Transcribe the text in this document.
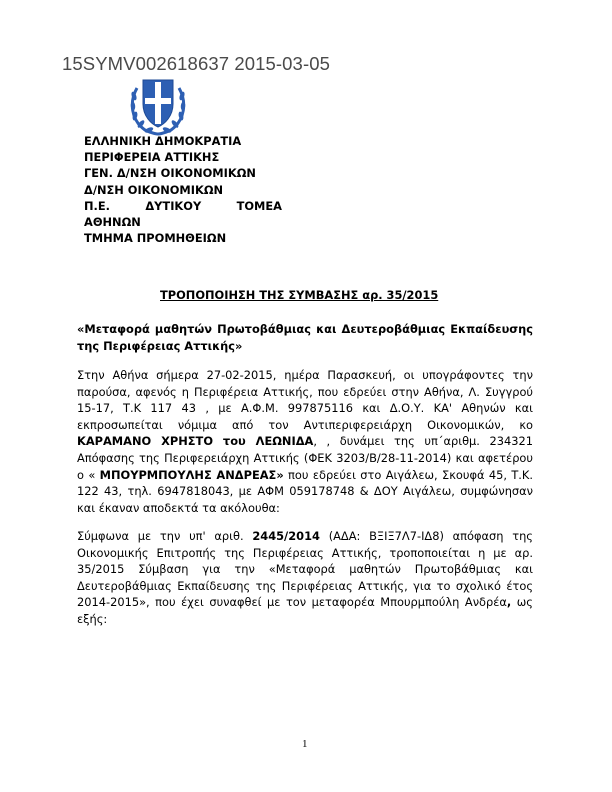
15SYMV002618637 2015-03-05
ΕΛΛΗΝΙΚΗ ΔΗΜΟΚΡΑΤΙΑ
ΠΕΡΙΦΕΡΕΙΑ ΑΤΤΙΚΗΣ
ΓΕΝ. Δ/ΝΣΗ ΟΙΚΟΝΟΜΙΚΩΝ
Δ/ΝΣΗ ΟΙΚΟΝΟΜΙΚΩΝ
Π.Ε.	ΔΥΤΙΚΟΥ	ΤΟΜΕΑ
ΑΘΗΝΩΝ
ΤΜΗΜΑ ΠΡΟΜΗΘΕΙΩΝ
ΤΡΟΠΟΠΟΙΗΣΗ ΤΗΣ ΣΥΜΒΑΣΗΣ αρ. 35/2015
«Μεταφορά μαθητών Πρωτοβάθμιας και Δευτεροβάθμιας Εκπαίδευσης της Περιφέρειας Αττικής»
Στην Αθήνα σήμερα 27-02-2015, ημέρα Παρασκευή, οι υπογράφοντες την παρούσα, αφενός η Περιφέρεια Αττικής, που εδρεύει στην Αθήνα, Λ. Συγγρού 15-17, Τ.Κ 117 43 , με Α.Φ.Μ. 997875116 και Δ.Ο.Υ. ΚΑ' Αθηνών και εκπροσωπείται νόμιμα από τον Αντιπεριφερειάρχη Οικονομικών, κο ΚΑΡΑΜΑΝΟ ΧΡΗΣΤΟ του ΛΕΩΝΙΔΑ, , δυνάμει της υπ΄αριθμ. 234321 Απόφασης της Περιφερειάρχη Αττικής (ΦΕΚ 3203/Β/28-11-2014) και αφετέρου ο « ΜΠΟΥΡΜΠΟΥΛΗΣ ΑΝΔΡΕΑΣ» που εδρεύει στο Αιγάλεω, Σκουφά 45, Τ.Κ. 122 43, τηλ. 6947818043, με ΑΦΜ 059178748 & ΔΟΥ Αιγάλεω, συμφώνησαν και έκαναν αποδεκτά τα ακόλουθα:
Σύμφωνα με την υπ' αριθ. 2445/2014 (ΑΔΑ: ΒΞΙΞ7Λ7-ΙΔ8) απόφαση της Οικονομικής Επιτροπής της Περιφέρειας Αττικής, τροποποιείται η με αρ. 35/2015 Σύμβαση για την «Μεταφορά μαθητών Πρωτοβάθμιας και Δευτεροβάθμιας Εκπαίδευσης της Περιφέρειας Αττικής, για το σχολικό έτος 2014-2015», που έχει συναφθεί με τον μεταφορέα Μπουρμπούλη Ανδρέα, ως εξής:
1
